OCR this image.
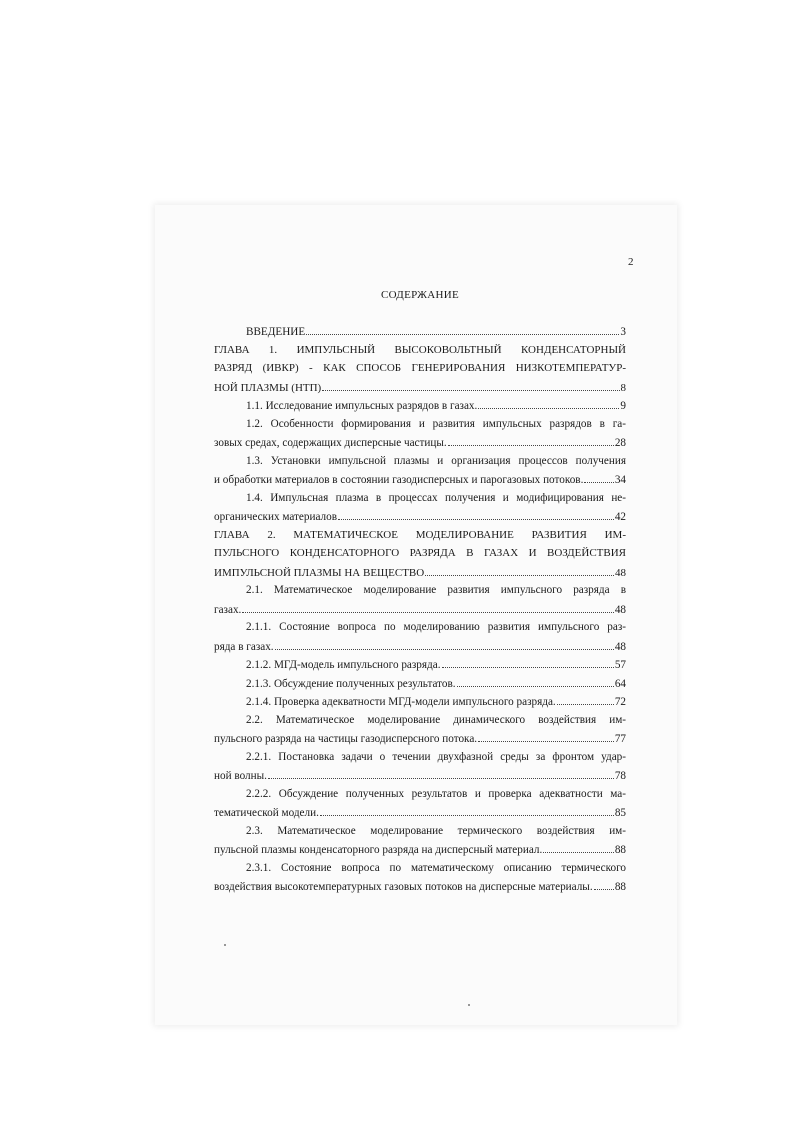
2
СОДЕРЖАНИЕ
ВВЕДЕНИЕ	3
ГЛАВА 1. ИМПУЛЬСНЫЙ ВЫСОКОВОЛЬТНЫЙ КОНДЕНСАТОРНЫЙ
РАЗРЯД (ИВКР) - КАК СПОСОБ ГЕНЕРИРОВАНИЯ НИЗКОТЕМПЕРАТУР-
НОЙ ПЛАЗМЫ (НТП)	8
1.1. Исследование импульсных разрядов в газах.	9
1.2. Особенности формирования и развития импульсных разрядов в га-
зовых средах, содержащих дисперсные частицы.	28
1.3. Установки импульсной плазмы и организация процессов получения
и обработки материалов в состоянии газодисперсных и парогазовых потоков.	34
1.4. Импульсная плазма в процессах получения и модифицирования не-
органических материалов	42
ГЛАВА 2. МАТЕМАТИЧЕСКОЕ МОДЕЛИРОВАНИЕ РАЗВИТИЯ ИМ-
ПУЛЬСНОГО КОНДЕНСАТОРНОГО РАЗРЯДА В ГАЗАХ И ВОЗДЕЙСТВИЯ
ИМПУЛЬСНОЙ ПЛАЗМЫ НА ВЕЩЕСТВО	48
2.1. Математическое моделирование развития импульсного разряда в
газах.	48
2.1.1. Состояние вопроса по моделированию развития импульсного раз-
ряда в газах.	48
2.1.2. МГД-модель импульсного разряда.	57
2.1.3. Обсуждение полученных результатов.	64
2.1.4. Проверка адекватности МГД-модели импульсного разряда.	72
2.2. Математическое моделирование динамического воздействия им-
пульсного разряда на частицы газодисперсного потока.	77
2.2.1. Постановка задачи о течении двухфазной среды за фронтом удар-
ной волны.	78
2.2.2. Обсуждение полученных результатов и проверка адекватности ма-
тематической модели.	85
2.3. Математическое моделирование термического воздействия им-
пульсной плазмы конденсаторного разряда на дисперсный материал.	88
2.3.1. Состояние вопроса по математическому описанию термического
воздействия высокотемпературных газовых потоков на дисперсные материалы. 88
